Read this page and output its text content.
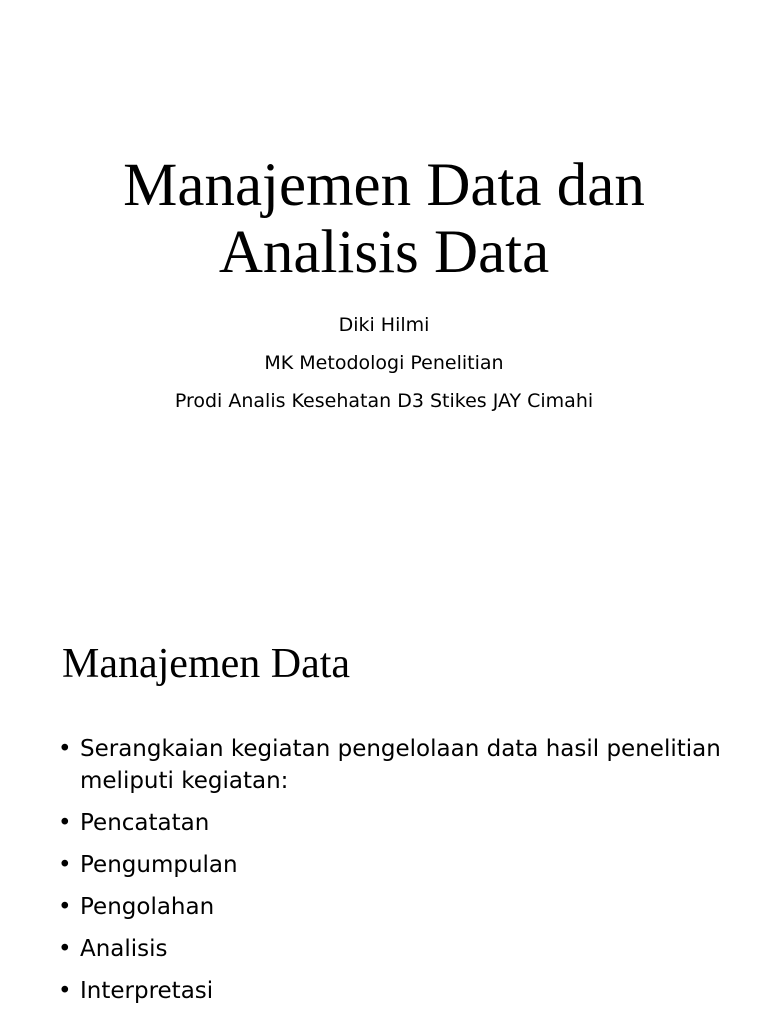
Manajemen Data dan
Analisis Data
Diki Hilmi
MK Metodologi Penelitian
Prodi Analis Kesehatan D3 Stikes JAY Cimahi
Manajemen Data
• Serangkaian kegiatan pengelolaan data hasil penelitian meliputi kegiatan:
• Pencatatan
• Pengumpulan
• Pengolahan
• Analisis
• Interpretasi
